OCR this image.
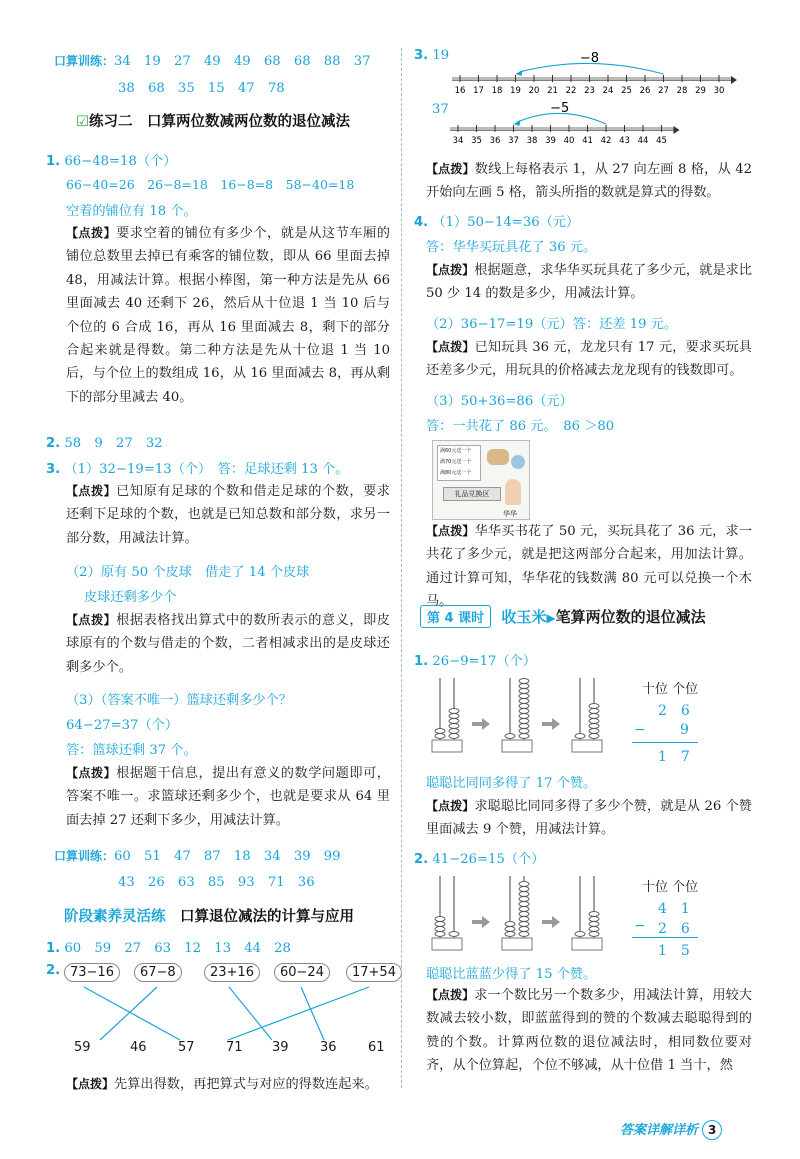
口算训练：34　19　27　49　49　68　68　88　37
38　68　35　15　47　78
☑练习二　口算两位数减两位数的退位减法
1. 66−48=18（个）
66−40=26　26−8=18　16−8=8　58−40=18
空着的铺位有 18 个。
【点拨】要求空着的铺位有多少个，就是从这节车厢的铺位总数里去掉已有乘客的铺位数，即从 66 里面去掉 48，用减法计算。根据小棒图，第一种方法是先从 66 里面减去 40 还剩下 26，然后从十位退 1 当 10 后与个位的 6 合成 16，再从 16 里面减去 8，剩下的部分合起来就是得数。第二种方法是先从十位退 1 当 10 后，与个位上的数组成 16，从 16 里面减去 8，再从剩下的部分里减去 40。
2. 58　9　27　32
3. （1）32−19=13（个）　答：足球还剩 13 个。
【点拨】已知原有足球的个数和借走足球的个数，要求还剩下足球的个数，也就是已知总数和部分数，求另一部分数，用减法计算。
（2）原有 50 个皮球　借走了 14 个皮球
皮球还剩多少个
【点拨】根据表格找出算式中的数所表示的意义，即皮球原有的个数与借走的个数，二者相减求出的是皮球还剩多少个。
（3）（答案不唯一）篮球还剩多少个？
64−27=37（个）
答：篮球还剩 37 个。
【点拨】根据题干信息，提出有意义的数学问题即可，答案不唯一。求篮球还剩多少个，也就是要求从 64 里面去掉 27 还剩下多少，用减法计算。
口算训练：60　51　47　87　18　34　39　99
43　26　63　85　93　71　36
阶段素养灵活练　口算退位减法的计算与应用
1. 60　59　27　63　12　13　44　28
2. 73−16	67−8	23+16	60−24	17+54
59	46 57 71 39 36 61
【点拨】先算出得数，再把算式与对应的得数连起来。
3. 19
16 17 18 19 20 21 22 23 24 25 26 27 28 29 30
−8
37
34 35 36 37 38 39 40 41 42 43 44 45
−5
【点拨】数线上每格表示 1，从 27 向左画 8 格，从 42 开始向左画 5 格，箭头所指的数就是算式的得数。
4. （1）50−14=36（元）
答：华华买玩具花了 36 元。
【点拨】根据题意，求华华买玩具花了多少元，就是求比 50 少 14 的数是多少，用减法计算。
（2）36−17=19（元）答：还差 19 元。
【点拨】已知玩具 36 元，龙龙只有 17 元，要求买玩具还差多少元，用玩具的价格减去龙龙现有的钱数即可。
（3）50+36=86（元）
答：一共花了 86 元。　86 ＞80
满60元送一个
满70元送一个
满80元送一个
礼品兑换区
华华
【点拨】华华买书花了 50 元，买玩具花了 36 元，求一共花了多少元，就是把这两部分合起来，用加法计算。通过计算可知，华华花的钱数满 80 元可以兑换一个木马。
第 4 课时 收玉米▶笔算两位数的退位减法
1. 26−9=17（个）
十位 个位
2　6
− 9
1　7
聪聪比同同多得了 17 个赞。
【点拨】求聪聪比同同多得了多少个赞，就是从 26 个赞里面减去 9 个赞，用减法计算。
2. 41−26=15（个）
十位 个位
4　1
− 2　6
1　5
聪聪比蓝蓝少得了 15 个赞。
【点拨】求一个数比另一个数多少，用减法计算，用较大数减去较小数，即蓝蓝得到的赞的个数减去聪聪得到的赞的个数。计算两位数的退位减法时，相同数位要对齐，从个位算起，个位不够减，从十位借 1 当十，然
答案详解详析 3
